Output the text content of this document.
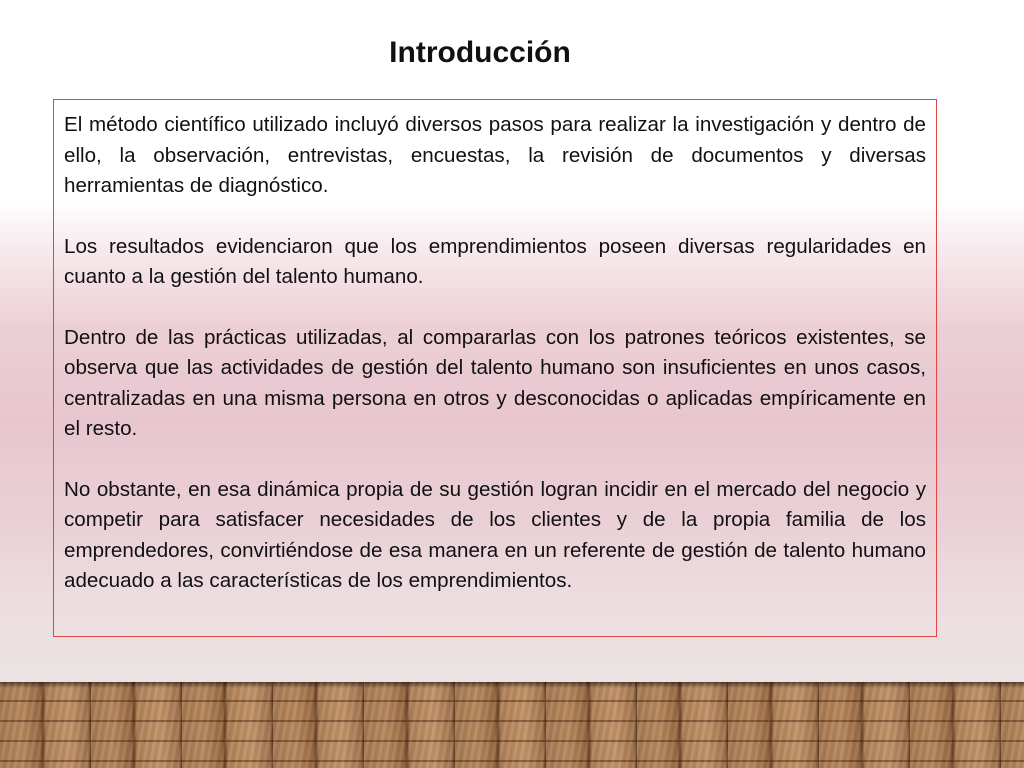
Introducción

El método científico utilizado incluyó diversos pasos para realizar la investigación y dentro de ello, la observación, entrevistas, encuestas, la revisión de documentos y diversas herramientas de diagnóstico.

Los resultados evidenciaron que los emprendimientos poseen diversas regularidades en cuanto a la gestión del talento humano.

Dentro de las prácticas utilizadas, al compararlas con los patrones teóricos existentes, se observa que las actividades de gestión del talento humano son insuficientes en unos casos, centralizadas en una misma persona en otros y desconocidas o aplicadas empíricamente en el resto.

No obstante, en esa dinámica propia de su gestión logran incidir en el mercado del negocio y competir para satisfacer necesidades de los clientes y de la propia familia de los emprendedores, convirtiéndose de esa manera en un referente de gestión de talento humano adecuado a las características de los emprendimientos.
